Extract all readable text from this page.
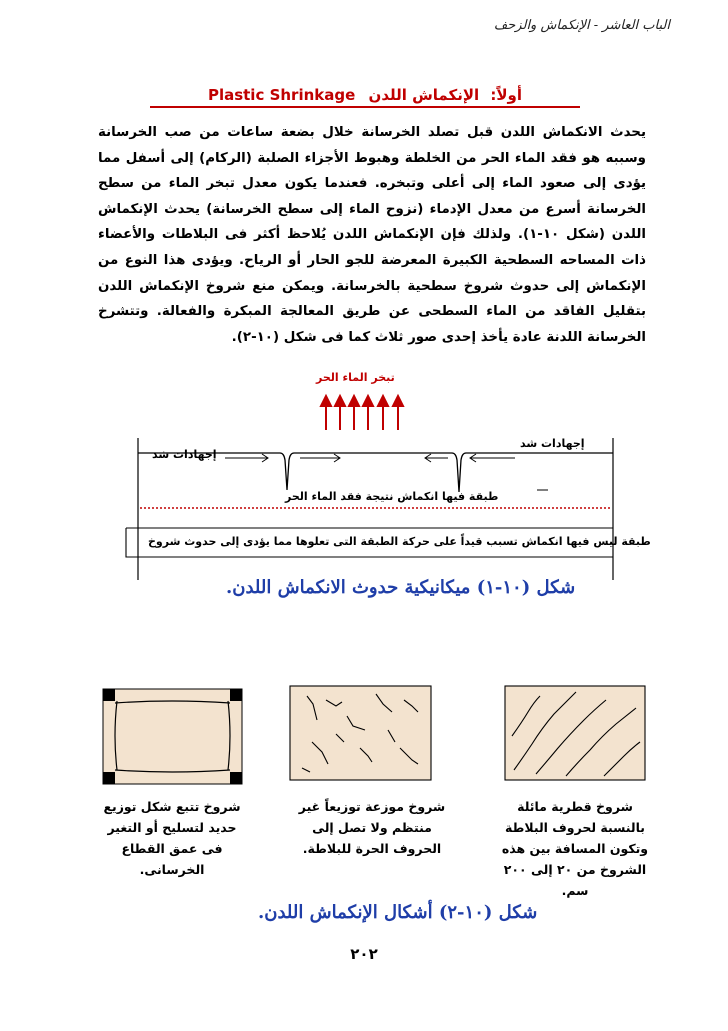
الباب العاشر - الإنكماش والزحف
أولاً: الإنكماش اللدن Plastic Shrinkage

يحدث الانكماش اللدن قبل تصلد الخرسانة خلال بضعة ساعات من صب الخرسانة وسببه هو فقد الماء الحر من الخلطة وهبوط الأجزاء الصلبة (الركام) إلى أسفل مما يؤدى إلى صعود الماء إلى أعلى وتبخره. فعندما يكون معدل تبخر الماء من سطح الخرسانة أسرع من معدل الإدماء (نزوح الماء إلى سطح الخرسانة) يحدث الإنكماش اللدن (شكل ١٠-١). ولذلك فإن الإنكماش اللدن يُلاحظ أكثر فى البلاطات والأعضاء ذات المساحه السطحية الكبيرة المعرضة للجو الحار أو الرياح. ويؤدى هذا النوع من الإنكماش إلى حدوث شروخ سطحية بالخرسانة. ويمكن منع شروخ الإنكماش اللدن بتقليل الفاقد من الماء السطحى عن طريق المعالجة المبكرة والفعالة. وتتشرخ الخرسانة اللدنة عادة يأخذ إحدى صور ثلاث كما فى شكل (١٠-٢).

تبخر الماء الحر
إجهادات شد
إجهادات شد
طبقة فيها انكماش نتيجة فقد الماء الحر
طبقة ليس فيها انكماش تسبب قيداً على حركة الطبقة التى تعلوها مما يؤدى إلى حدوث شروخ
شكل (١٠-١) ميكانيكية حدوث الانكماش اللدن.
شروخ قطرية مائلة بالنسبة لحروف البلاطة وتكون المسافة بين هذه الشروخ من ٢٠ إلى ٢٠٠ سم.
شروخ موزعة توزيعاً غير منتظم ولا تصل إلى الحروف الحرة للبلاطة.
شروخ تتبع شكل توزيع حديد لتسليح أو التغير فى عمق القطاع الخرسانى.
شكل (١٠-٢) أشكال الإنكماش اللدن.
٢٠٢
